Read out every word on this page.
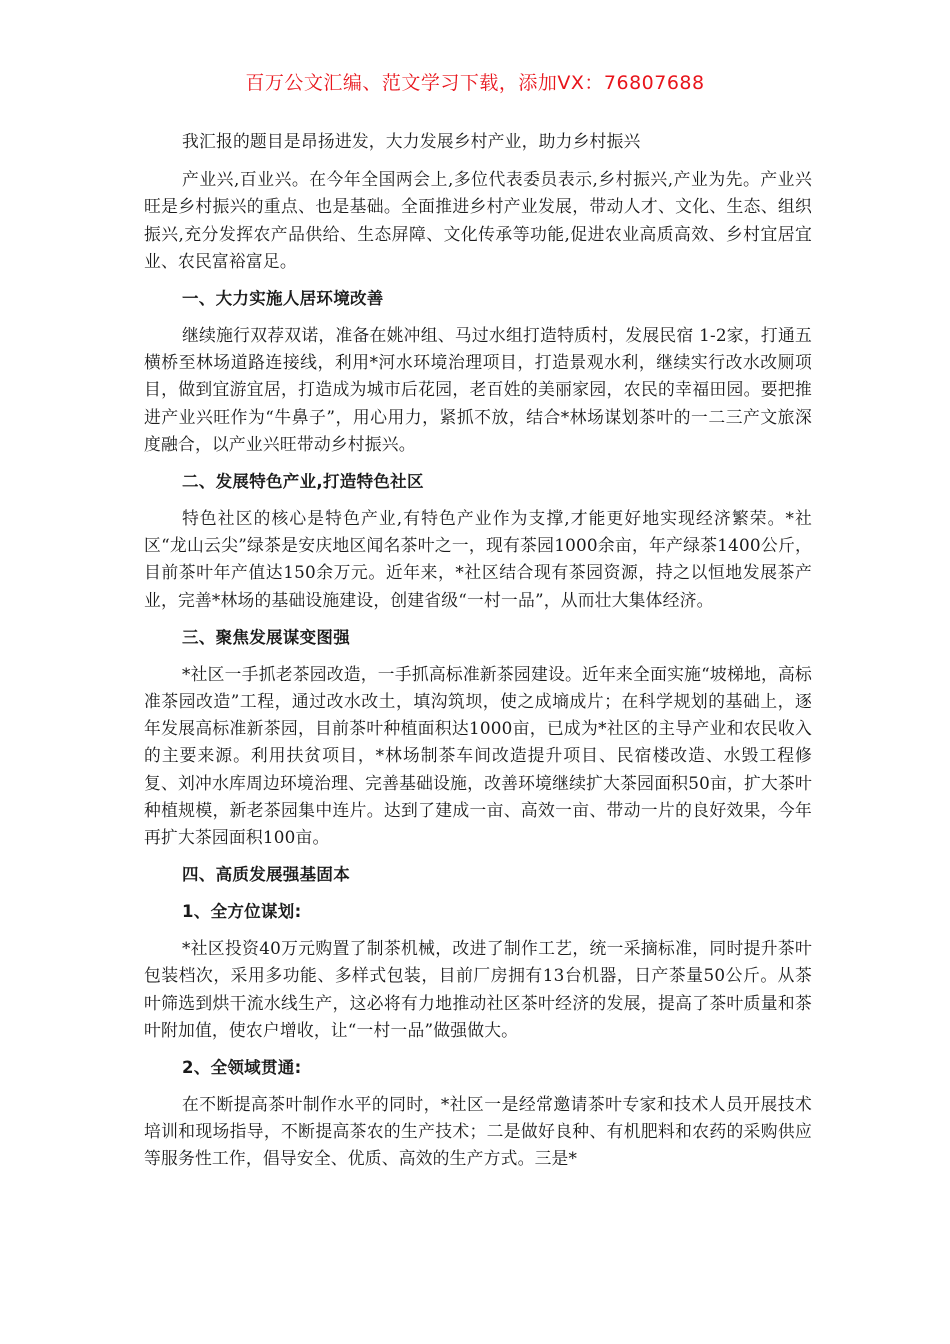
百万公文汇编、范文学习下载，添加VX：76807688

我汇报的题目是昂扬进发，大力发展乡村产业，助力乡村振兴

产业兴,百业兴。在今年全国两会上,多位代表委员表示,乡村振兴,产业为先。产业兴旺是乡村振兴的重点、也是基础。全面推进乡村产业发展，带动人才、文化、生态、组织振兴,充分发挥农产品供给、生态屏障、文化传承等功能,促进农业高质高效、乡村宜居宜业、农民富裕富足。

一、大力实施人居环境改善

继续施行双荐双诺，准备在姚冲组、马过水组打造特质村，发展民宿 1-2家，打通五横桥至林场道路连接线，利用*河水环境治理项目，打造景观水利，继续实行改水改厕项目，做到宜游宜居，打造成为城市后花园，老百姓的美丽家园，农民的幸福田园。要把推进产业兴旺作为“牛鼻子”，用心用力，紧抓不放，结合*林场谋划茶叶的一二三产文旅深度融合，以产业兴旺带动乡村振兴。

二、发展特色产业,打造特色社区

特色社区的核心是特色产业,有特色产业作为支撑,才能更好地实现经济繁荣。*社区“龙山云尖”绿茶是安庆地区闻名茶叶之一，现有茶园1000余亩，年产绿茶1400公斤，目前茶叶年产值达150余万元。近年来，*社区结合现有茶园资源，持之以恒地发展茶产业，完善*林场的基础设施建设，创建省级“一村一品”，从而壮大集体经济。

三、聚焦发展谋变图强

*社区一手抓老茶园改造，一手抓高标准新茶园建设。近年来全面实施“坡梯地，高标准茶园改造”工程，通过改水改土，填沟筑坝，使之成墒成片；在科学规划的基础上，逐年发展高标准新茶园，目前茶叶种植面积达1000亩，已成为*社区的主导产业和农民收入的主要来源。利用扶贫项目，*林场制茶车间改造提升项目、民宿楼改造、水毁工程修复、刘冲水库周边环境治理、完善基础设施，改善环境继续扩大茶园面积50亩，扩大茶叶种植规模，新老茶园集中连片。达到了建成一亩、高效一亩、带动一片的良好效果，今年再扩大茶园面积100亩。

四、高质发展强基固本
1、全方位谋划:

*社区投资40万元购置了制茶机械，改进了制作工艺，统一采摘标准，同时提升茶叶包装档次，采用多功能、多样式包装，目前厂房拥有13台机器，日产茶量50公斤。从茶叶筛选到烘干流水线生产，这必将有力地推动社区茶叶经济的发展，提高了茶叶质量和茶叶附加值，使农户增收，让“一村一品”做强做大。

2、全领域贯通:

在不断提高茶叶制作水平的同时，*社区一是经常邀请茶叶专家和技术人员开展技术培训和现场指导，不断提高茶农的生产技术；二是做好良种、有机肥料和农药的采购供应等服务性工作，倡导安全、优质、高效的生产方式。三是*
